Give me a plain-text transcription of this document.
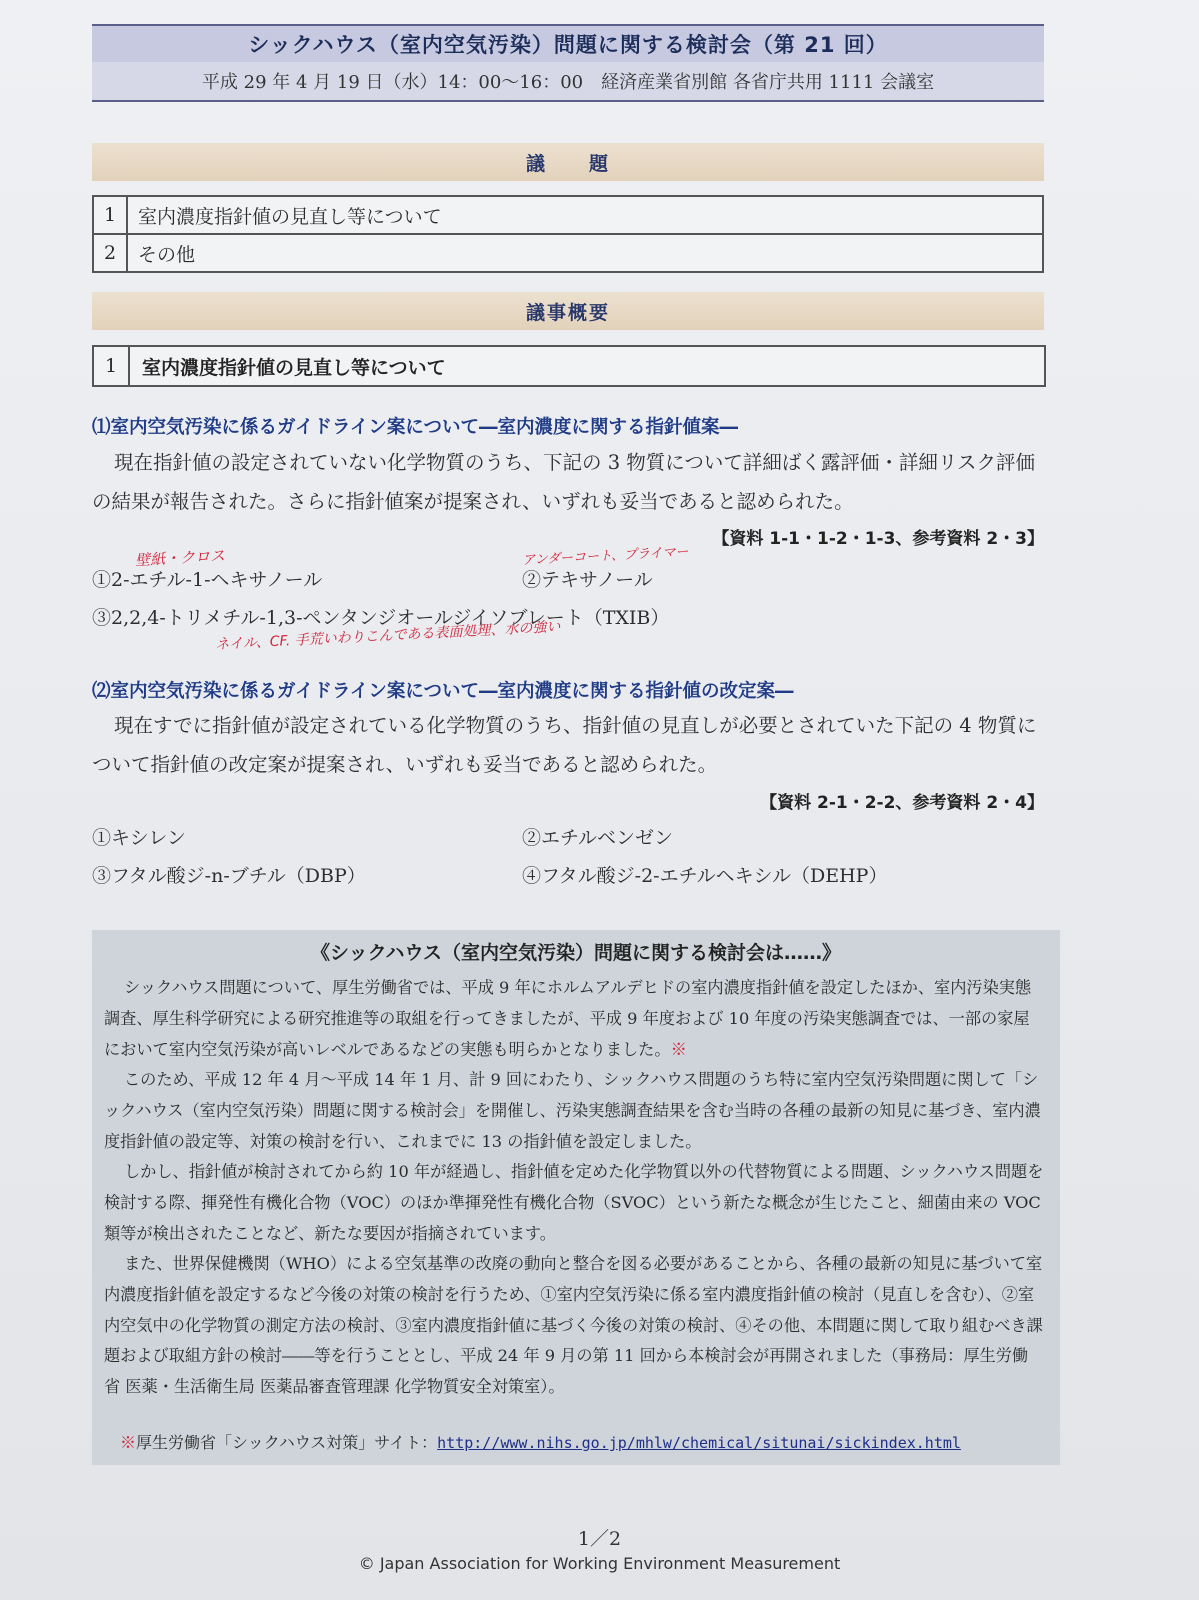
シックハウス（室内空気汚染）問題に関する検討会（第 21 回）
平成 29 年 4 月 19 日（水）14：00～16：00　経済産業省別館 各省庁共用 1111 会議室
議　　題
1	室内濃度指針値の見直し等について
2	その他
議事概要
1	室内濃度指針値の見直し等について
⑴室内空気汚染に係るガイドライン案について―室内濃度に関する指針値案―
現在指針値の設定されていない化学物質のうち、下記の 3 物質について詳細ばく露評価・詳細リスク評価の結果が報告された。さらに指針値案が提案され、いずれも妥当であると認められた。
【資料 1-1・1-2・1-3、参考資料 2・3】
壁紙・クロス	アンダーコート、プライマー
①2-エチル-1-ヘキサノール	②テキサノール
③2,2,4-トリメチル-1,3-ペンタンジオールジイソブレート（TXIB）
ネイル、CF. 手荒いわりこんである表面処理、水の強い
⑵室内空気汚染に係るガイドライン案について―室内濃度に関する指針値の改定案―
現在すでに指針値が設定されている化学物質のうち、指針値の見直しが必要とされていた下記の 4 物質について指針値の改定案が提案され、いずれも妥当であると認められた。
【資料 2-1・2-2、参考資料 2・4】
①キシレン	②エチルベンゼン
③フタル酸ジ-n-ブチル（DBP）	④フタル酸ジ-2-エチルヘキシル（DEHP）
《シックハウス（室内空気汚染）問題に関する検討会は……》
シックハウス問題について、厚生労働省では、平成 9 年にホルムアルデヒドの室内濃度指針値を設定したほか、室内汚染実態調査、厚生科学研究による研究推進等の取組を行ってきましたが、平成 9 年度および 10 年度の汚染実態調査では、一部の家屋において室内空気汚染が高いレベルであるなどの実態も明らかとなりました。※
このため、平成 12 年 4 月～平成 14 年 1 月、計 9 回にわたり、シックハウス問題のうち特に室内空気汚染問題に関して「シックハウス（室内空気汚染）問題に関する検討会」を開催し、汚染実態調査結果を含む当時の各種の最新の知見に基づき、室内濃度指針値の設定等、対策の検討を行い、これまでに 13 の指針値を設定しました。
しかし、指針値が検討されてから約 10 年が経過し、指針値を定めた化学物質以外の代替物質による問題、シックハウス問題を検討する際、揮発性有機化合物（VOC）のほか準揮発性有機化合物（SVOC）という新たな概念が生じたこと、細菌由来の VOC 類等が検出されたことなど、新たな要因が指摘されています。
また、世界保健機関（WHO）による空気基準の改廃の動向と整合を図る必要があることから、各種の最新の知見に基づいて室内濃度指針値を設定するなど今後の対策の検討を行うため、①室内空気汚染に係る室内濃度指針値の検討（見直しを含む）、②室内空気中の化学物質の測定方法の検討、③室内濃度指針値に基づく今後の対策の検討、④その他、本問題に関して取り組むべき課題および取組方針の検討――等を行うこととし、平成 24 年 9 月の第 11 回から本検討会が再開されました（事務局：厚生労働省 医薬・生活衛生局 医薬品審査管理課 化学物質安全対策室）。
※厚生労働省「シックハウス対策」サイト：http://www.nihs.go.jp/mhlw/chemical/situnai/sickindex.html
1／2
© Japan Association for Working Environment Measurement
